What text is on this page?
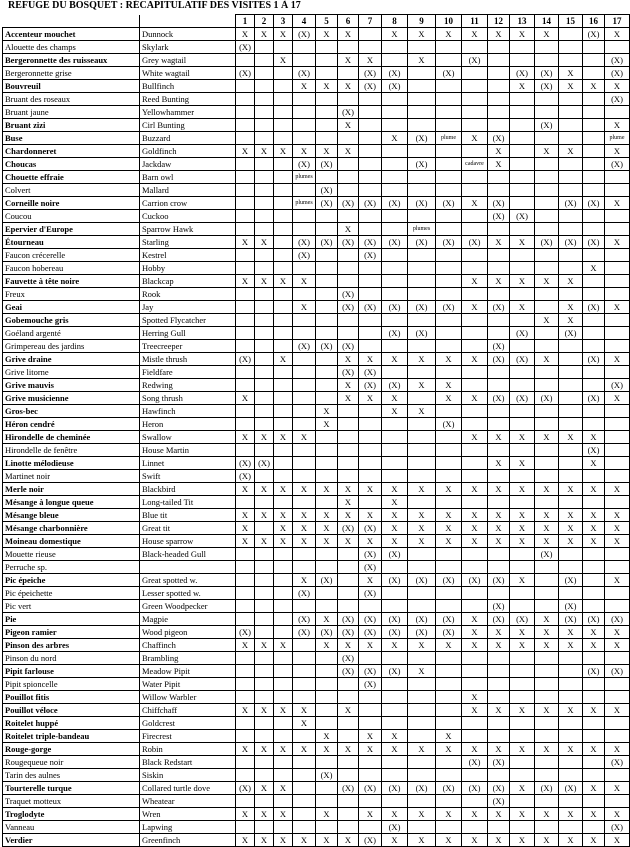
REFUGE DU BOSQUET : RÉCAPITULATIF DES VISITES 1 À 17
		1	2	3	4	5	6	7	8	9	10	11	12	13	14	15	16	17
Accenteur mouchet	Dunnock	X	X	X	(X)	X	X		X	X	X	X	X	X	X		(X)	X
Alouette des champs	Skylark	(X)																
Bergeronnette des ruisseaux	Grey wagtail			X			X	X		X		(X)						(X)
Bergeronnette grise	White wagtail	(X)			(X)			(X)	(X)		(X)			(X)	(X)	X		(X)
Bouvreuil	Bullfinch				X	X	X	(X)	(X)					X	(X)	X	X	X
Bruant des roseaux	Reed Bunting																	(X)
Bruant jaune	Yellowhammer						(X)											
Bruant zizi	Cirl Bunting						X								(X)			X
Buse	Buzzard								X	(X)	plume	X	(X)					plume
Chardonneret	Goldfinch	X	X	X	X	X	X						X		X	X		X
Choucas	Jackdaw				(X)	(X)				(X)		cadavre	X					(X)
Chouette effraie	Barn owl				plumes													
Colvert	Mallard					(X)												
Corneille noire	Carrion crow				plumes	(X)	(X)	(X)	(X)	(X)	(X)	X	(X)			(X)	(X)	X
Coucou	Cuckoo												(X)	(X)				
Epervier d'Europe	Sparrow Hawk						X			plumes								
Étourneau	Starling	X	X		(X)	(X)	(X)	(X)	(X)	(X)	(X)	(X)	X	X	(X)	(X)	(X)	X
Faucon crécerelle	Kestrel				(X)			(X)										
Faucon hobereau	Hobby																X	
Fauvette à tête noire	Blackcap	X	X	X	X							X	X	X	X	X		
Freux	Rook						(X)											
Geai	Jay				X		(X)	(X)	(X)	(X)	(X)	X	(X)	X		X	(X)	X
Gobemouche gris	Spotted Flycatcher														X	X		
Goéland argenté	Herring Gull								(X)	(X)				(X)		(X)		
Grimpereau des jardins	Treecreeper				(X)	(X)	(X)						(X)					
Grive draine	Mistle thrush	(X)		X			X	X	X	X	X	X	(X)	(X)	X		(X)	X
Grive litorne	Fieldfare						(X)	(X)										
Grive mauvis	Redwing						X	(X)	(X)	X	X							(X)
Grive musicienne	Song thrush	X					X	X	X		X	X	(X)	(X)	(X)		(X)	X
Gros-bec	Hawfinch					X			X	X								
Héron cendré	Heron					X					(X)							
Hirondelle de cheminée	Swallow	X	X	X	X							X	X	X	X	X	X	
Hirondelle de fenêtre	House Martin																(X)	
Linotte mélodieuse	Linnet	(X)	(X)										X	X			X	
Martinet noir	Swift	(X)																
Merle noir	Blackbird	X	X	X	X	X	X	X	X	X	X	X	X	X	X	X	X	X
Mésange à longue queue	Long-tailed Tit						X		X									
Mésange bleue	Blue tit	X	X	X	X	X	X	X	X	X	X	X	X	X	X	X	X	X
Mésange charbonnière	Great tit	X		X	X	X	(X)	(X)	X	X	X	X	X	X	X	X	X	X
Moineau domestique	House sparrow	X	X	X	X	X	X	X	X	X	X	X	X	X	X	X	X	X
Mouette rieuse	Black-headed Gull							(X)	(X)						(X)			
Perruche sp.								(X)										
Pic épeiche	Great spotted w.				X	(X)		X	(X)	(X)	(X)	(X)	(X)	X		(X)		X
Pic épeichette	Lesser spotted w.				(X)			(X)										
Pic vert	Green Woodpecker												(X)			(X)		
Pie	Magpie				(X)	X	(X)	(X)	(X)	(X)	(X)	X	(X)	(X)	X	(X)	(X)	(X)
Pigeon ramier	Wood pigeon	(X)			(X)	(X)	(X)	(X)	(X)	(X)	(X)	X	X	X	X	X	X	X
Pinson des arbres	Chaffinch	X	X	X		X	X	X	X	X	X	X	X	X	X	X	X	X
Pinson du nord	Brambling						(X)											
Pipit farlouse	Meadow Pipit						(X)	(X)	(X)	X							(X)	(X)
Pipit spioncelle	Water Pipit							(X)										
Pouillot fitis	Willow Warbler											X						
Pouillot véloce	Chiffchaff	X	X	X	X		X					X	X	X	X	X	X	X
Roitelet huppé	Goldcrest				X													
Roitelet triple-bandeau	Firecrest					X		X	X		X							
Rouge-gorge	Robin	X	X	X	X	X	X	X	X	X	X	X	X	X	X	X	X	X
Rougequeue noir	Black Redstart											(X)	(X)					(X)
Tarin des aulnes	Siskin					(X)												
Tourterelle turque	Collared turtle dove	(X)	X	X			(X)	(X)	(X)	(X)	(X)	(X)	(X)	X	(X)	(X)	X	X
Traquet motteux	Wheatear												(X)					
Troglodyte	Wren	X	X	X		X		X	X	X	X	X	X	X	X	X	X	X
Vanneau	Lapwing								(X)									(X)
Verdier	Greenfinch	X	X	X	X	X	X	(X)	X	X	X	X	X	X	X	X	X	X
